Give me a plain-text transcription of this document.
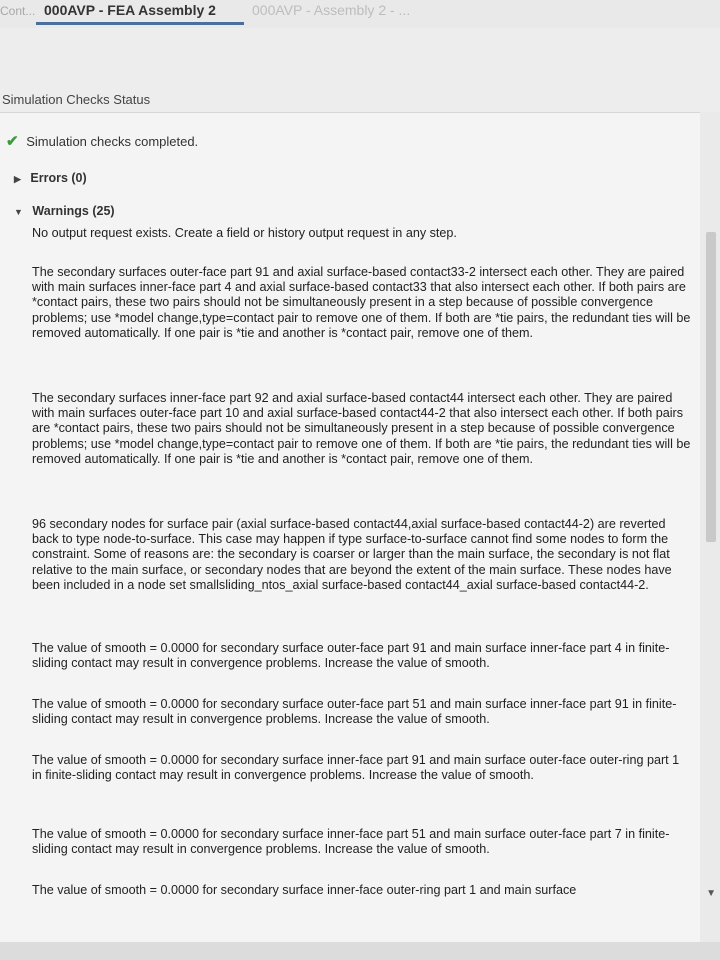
Cont... 000AVP - FEA Assembly 2	000AVP - Assembly 2 - ...
Simulation Checks Status
✔ Simulation checks completed.
▶ Errors (0)
▼ Warnings (25)
No output request exists. Create a field or history output request in any step.
The secondary surfaces outer-face part 91 and axial surface-based contact33-2 intersect each other. They are paired with main surfaces inner-face part 4 and axial surface-based contact33 that also intersect each other. If both pairs are *contact pairs, these two pairs should not be simultaneously present in a step because of possible convergence problems; use *model change,type=contact pair to remove one of them. If both are *tie pairs, the redundant ties will be removed automatically. If one pair is *tie and another is *contact pair, remove one of them.
The secondary surfaces inner-face part 92 and axial surface-based contact44 intersect each other. They are paired with main surfaces outer-face part 10 and axial surface-based contact44-2 that also intersect each other. If both pairs are *contact pairs, these two pairs should not be simultaneously present in a step because of possible convergence problems; use *model change,type=contact pair to remove one of them. If both are *tie pairs, the redundant ties will be removed automatically. If one pair is *tie and another is *contact pair, remove one of them.
96 secondary nodes for surface pair (axial surface-based contact44,axial surface-based contact44-2) are reverted back to type node-to-surface. This case may happen if type surface-to-surface cannot find some nodes to form the constraint. Some of reasons are: the secondary is coarser or larger than the main surface, the secondary is not flat relative to the main surface, or secondary nodes that are beyond the extent of the main surface. These nodes have been included in a node set smallsliding_ntos_axial surface-based contact44_axial surface-based contact44-2.
The value of smooth = 0.0000 for secondary surface outer-face part 91 and main surface inner-face part 4 in finite-sliding contact may result in convergence problems. Increase the value of smooth.
The value of smooth = 0.0000 for secondary surface outer-face part 51 and main surface inner-face part 91 in finite-sliding contact may result in convergence problems. Increase the value of smooth.
The value of smooth = 0.0000 for secondary surface inner-face part 91 and main surface outer-face outer-ring part 1 in finite-sliding contact may result in convergence problems. Increase the value of smooth.
The value of smooth = 0.0000 for secondary surface inner-face part 51 and main surface outer-face part 7 in finite-sliding contact may result in convergence problems. Increase the value of smooth.
The value of smooth = 0.0000 for secondary surface inner-face outer-ring part 1 and main surface	▼
